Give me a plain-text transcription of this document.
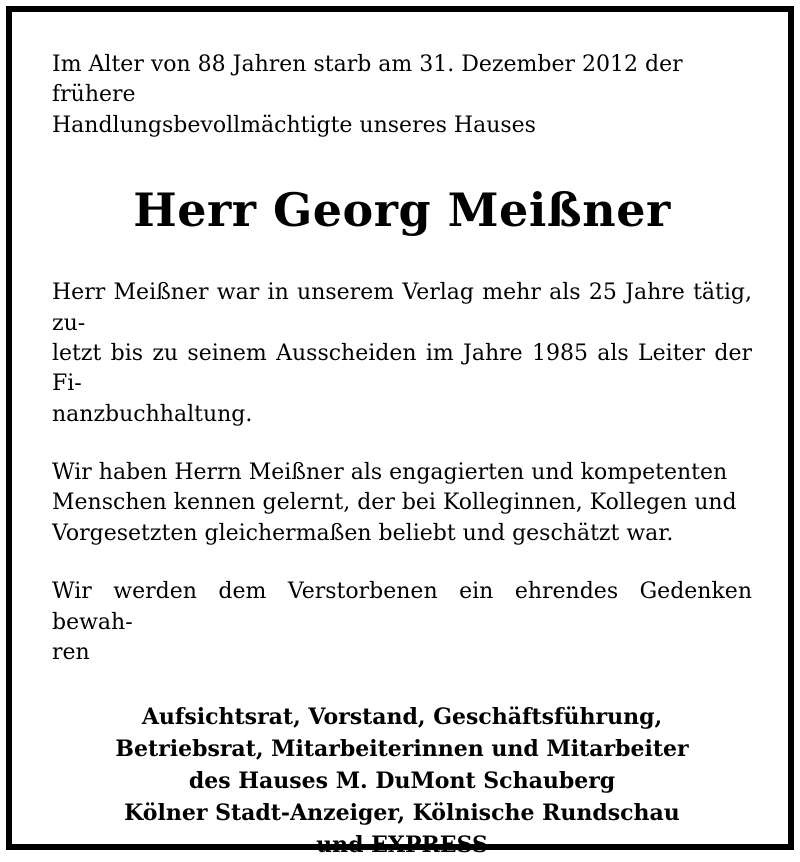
Im Alter von 88 Jahren starb am 31. Dezember 2012 der frühere
Handlungsbevollmächtigte unseres Hauses

Herr Georg Meißner

Herr Meißner war in unserem Verlag mehr als 25 Jahre tätig, zu-
letzt bis zu seinem Ausscheiden im Jahre 1985 als Leiter der Fi-
nanzbuchhaltung.

Wir haben Herrn Meißner als engagierten und kompetenten
Menschen kennen gelernt, der bei Kolleginnen, Kollegen und
Vorgesetzten gleichermaßen beliebt und geschätzt war.

Wir werden dem Verstorbenen ein ehrendes Gedenken bewah-
ren

Aufsichtsrat, Vorstand, Geschäftsführung,
Betriebsrat, Mitarbeiterinnen und Mitarbeiter
des Hauses M. DuMont Schauberg
Kölner Stadt-Anzeiger, Kölnische Rundschau
und EXPRESS
